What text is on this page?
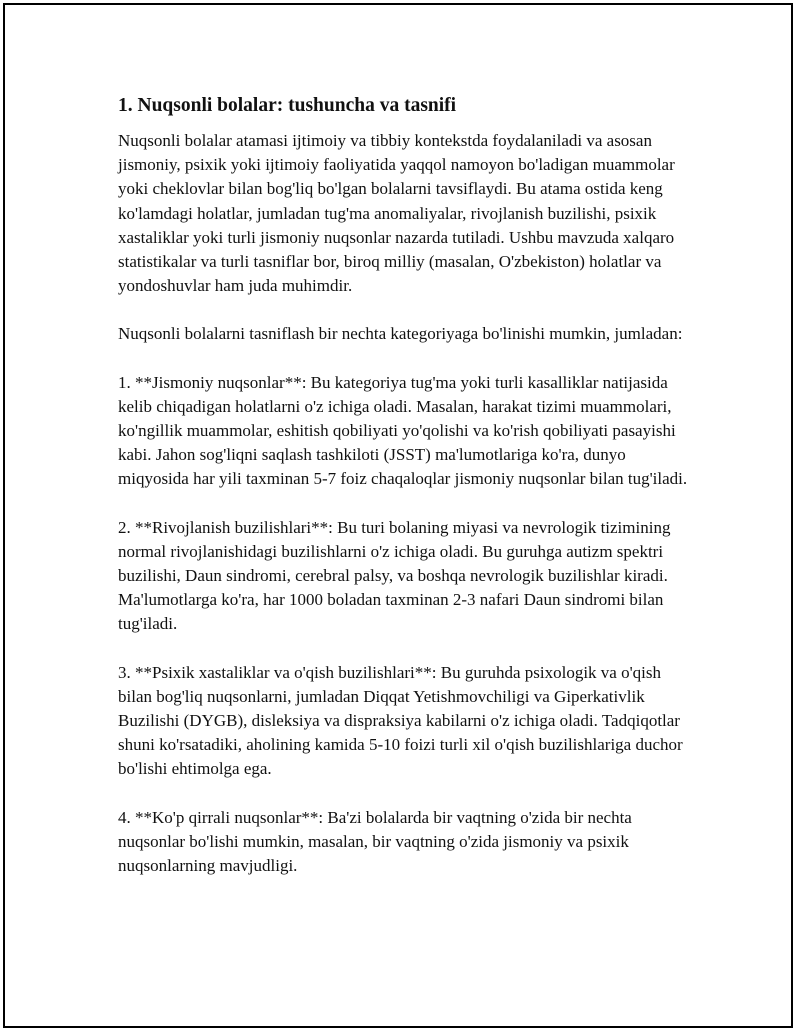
1. Nuqsonli bolalar: tushuncha va tasnifi

Nuqsonli bolalar atamasi ijtimoiy va tibbiy kontekstda foydalaniladi va asosan jismoniy, psixik yoki ijtimoiy faoliyatida yaqqol namoyon bo'ladigan muammolar yoki cheklovlar bilan bog'liq bo'lgan bolalarni tavsiflaydi. Bu atama ostida keng ko'lamdagi holatlar, jumladan tug'ma anomaliyalar, rivojlanish buzilishi, psixik xastaliklar yoki turli jismoniy nuqsonlar nazarda tutiladi. Ushbu mavzuda xalqaro statistikalar va turli tasniflar bor, biroq milliy (masalan, O'zbekiston) holatlar va yondoshuvlar ham juda muhimdir.

Nuqsonli bolalarni tasniflash bir nechta kategoriyaga bo'linishi mumkin, jumladan:

1. **Jismoniy nuqsonlar**: Bu kategoriya tug'ma yoki turli kasalliklar natijasida kelib chiqadigan holatlarni o'z ichiga oladi. Masalan, harakat tizimi muammolari, ko'ngillik muammolar, eshitish qobiliyati yo'qolishi va ko'rish qobiliyati pasayishi kabi. Jahon sog'liqni saqlash tashkiloti (JSST) ma'lumotlariga ko'ra, dunyo miqyosida har yili taxminan 5-7 foiz chaqaloqlar jismoniy nuqsonlar bilan tug'iladi.

2. **Rivojlanish buzilishlari**: Bu turi bolaning miyasi va nevrologik tizimining normal rivojlanishidagi buzilishlarni o'z ichiga oladi. Bu guruhga autizm spektri buzilishi, Daun sindromi, cerebral palsy, va boshqa nevrologik buzilishlar kiradi. Ma'lumotlarga ko'ra, har 1000 boladan taxminan 2-3 nafari Daun sindromi bilan tug'iladi.

3. **Psixik xastaliklar va o'qish buzilishlari**: Bu guruhda psixologik va o'qish bilan bog'liq nuqsonlarni, jumladan Diqqat Yetishmovchiligi va Giperkativlik Buzilishi (DYGB), disleksiya va dispraksiya kabilarni o'z ichiga oladi. Tadqiqotlar shuni ko'rsatadiki, aholining kamida 5-10 foizi turli xil o'qish buzilishlariga duchor bo'lishi ehtimolga ega.

4. **Ko'p qirrali nuqsonlar**: Ba'zi bolalarda bir vaqtning o'zida bir nechta nuqsonlar bo'lishi mumkin, masalan, bir vaqtning o'zida jismoniy va psixik nuqsonlarning mavjudligi.
